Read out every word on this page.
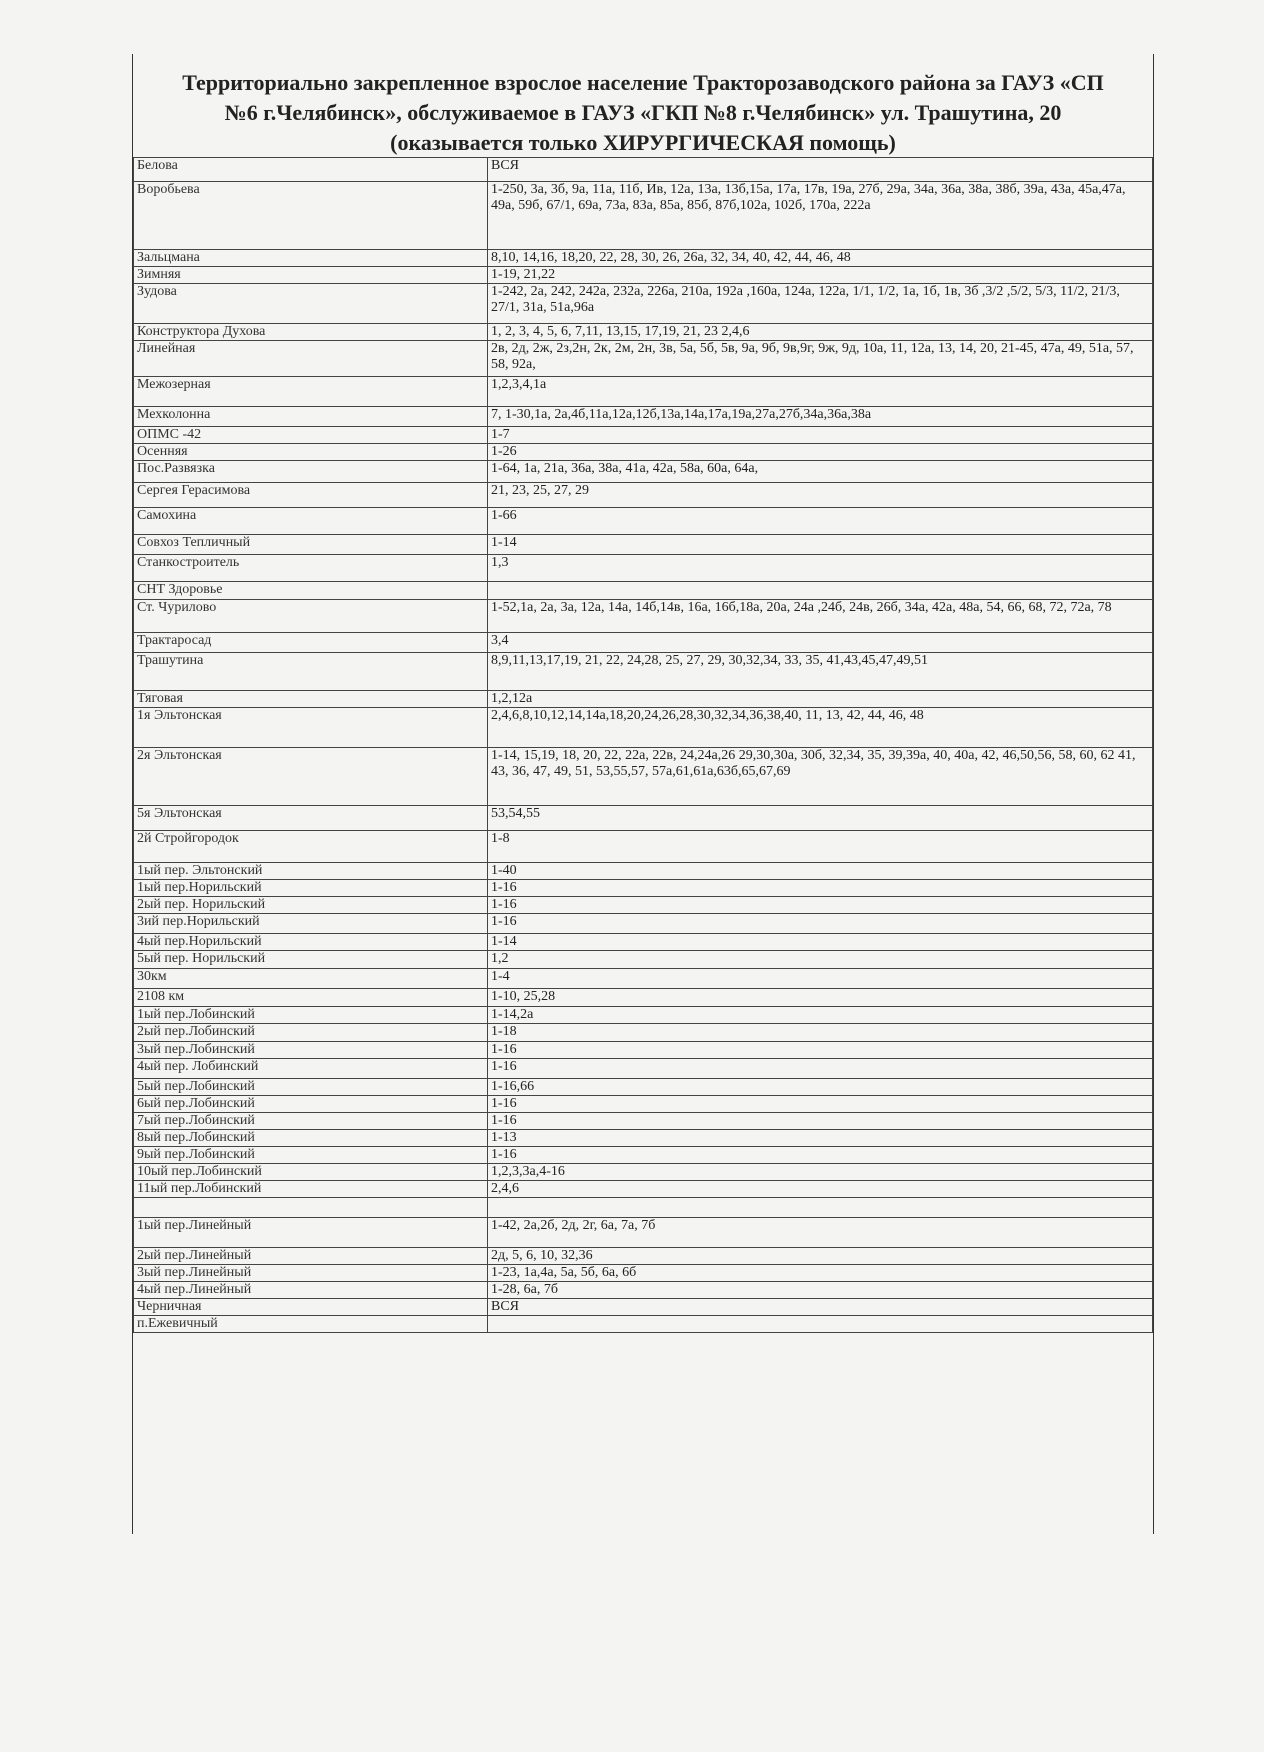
Территориально закрепленное взрослое население Тракторозаводского района за ГАУЗ «СП
№6 г.Челябинск», обслуживаемое в ГАУЗ «ГКП №8 г.Челябинск» ул. Трашутина, 20
(оказывается только ХИРУРГИЧЕСКАЯ помощь)
Белова	ВСЯ
Воробьева	1-250, 3а, 3б, 9а, 11а, 11б, Ив, 12а, 13а, 13б,15а, 17а, 17в, 19а, 27б, 29а, 34а, 36а, 38а, 38б, 39а, 43а, 45а,47а, 49а, 59б, 67/1, 69а, 73а, 83а, 85а, 85б, 87б,102а, 102б, 170а, 222а
Зальцмана	8,10, 14,16, 18,20, 22, 28, 30, 26, 26а, 32, 34, 40, 42, 44, 46, 48
Зимняя	1-19, 21,22
Зудова	1-242, 2а, 242, 242а, 232а, 226а, 210а, 192а ,160а, 124а, 122а, 1/1, 1/2, 1а, 1б, 1в, 3б ,3/2 ,5/2, 5/3, 11/2, 21/3, 27/1, 31а, 51а,96а
Конструктора Духова	1, 2, 3, 4, 5, 6, 7,11, 13,15, 17,19, 21, 23 2,4,6
Линейная	2в, 2д, 2ж, 2з,2н, 2к, 2м, 2н, 3в, 5а, 5б, 5в, 9а, 9б, 9в,9г, 9ж, 9д, 10а, 11, 12а, 13, 14, 20, 21-45, 47а, 49, 51а, 57, 58, 92а,
Межозерная	1,2,3,4,1а
Мехколонна	7, 1-30,1а, 2а,4б,11а,12а,12б,13а,14а,17а,19а,27а,27б,34а,36а,38а
ОПМС -42	1-7
Осенняя	1-26
Пос.Развязка	1-64, 1а, 21а, 36а, 38а, 41а, 42а, 58а, 60а, 64а,
Сергея Герасимова	21, 23, 25, 27, 29
Самохина	1-66
Совхоз Тепличный	1-14
Станкостроитель	1,3
СНТ Здоровье	
Ст. Чурилово	1-52,1а, 2а, 3а, 12а, 14а, 14б,14в, 16а, 16б,18а, 20а, 24а ,24б, 24в, 26б, 34а, 42а, 48а, 54, 66, 68, 72, 72а, 78
Трактаросад	3,4
Трашутина	8,9,11,13,17,19, 21, 22, 24,28, 25, 27, 29, 30,32,34, 33, 35, 41,43,45,47,49,51
Тяговая	1,2,12а
1я Эльтонская	2,4,6,8,10,12,14,14а,18,20,24,26,28,30,32,34,36,38,40, 11, 13, 42, 44, 46, 48
2я Эльтонская	1-14, 15,19, 18, 20, 22, 22а, 22в, 24,24а,26 29,30,30а, 30б, 32,34, 35, 39,39а, 40, 40а, 42, 46,50,56, 58, 60, 62 41, 43, 36, 47, 49, 51, 53,55,57, 57а,61,61а,63б,65,67,69
5я Эльтонская	53,54,55
2й Стройгородок	1-8
1ый пер. Эльтонский	1-40
1ый пер.Норильский	1-16
2ый пер. Норильский	1-16
3ий пер.Норильский	1-16
4ый пер.Норильский	1-14
5ый пер. Норильский	1,2
30км	1-4
2108 км	1-10, 25,28
1ый пер.Лобинский	1-14,2а
2ый пер.Лобинский	1-18
3ый пер.Лобинский	1-16
4ый пер. Лобинский	1-16
5ый пер.Лобинский	1-16,66
6ый пер.Лобинский	1-16
7ый пер.Лобинский	1-16
8ый пер.Лобинский	1-13
9ый пер.Лобинский	1-16
10ый пер.Лобинский	1,2,3,3а,4-16
11ый пер.Лобинский	2,4,6

1ый пер.Линейный	1-42, 2а,2б, 2д, 2г, 6а, 7а, 7б
2ый пер.Линейный	2д, 5, 6, 10, 32,36
3ый пер.Линейный	1-23, 1а,4а, 5а, 5б, 6а, 6б
4ый пер.Линейный	1-28, 6а, 7б
Черничная	ВСЯ
п.Ежевичный	
